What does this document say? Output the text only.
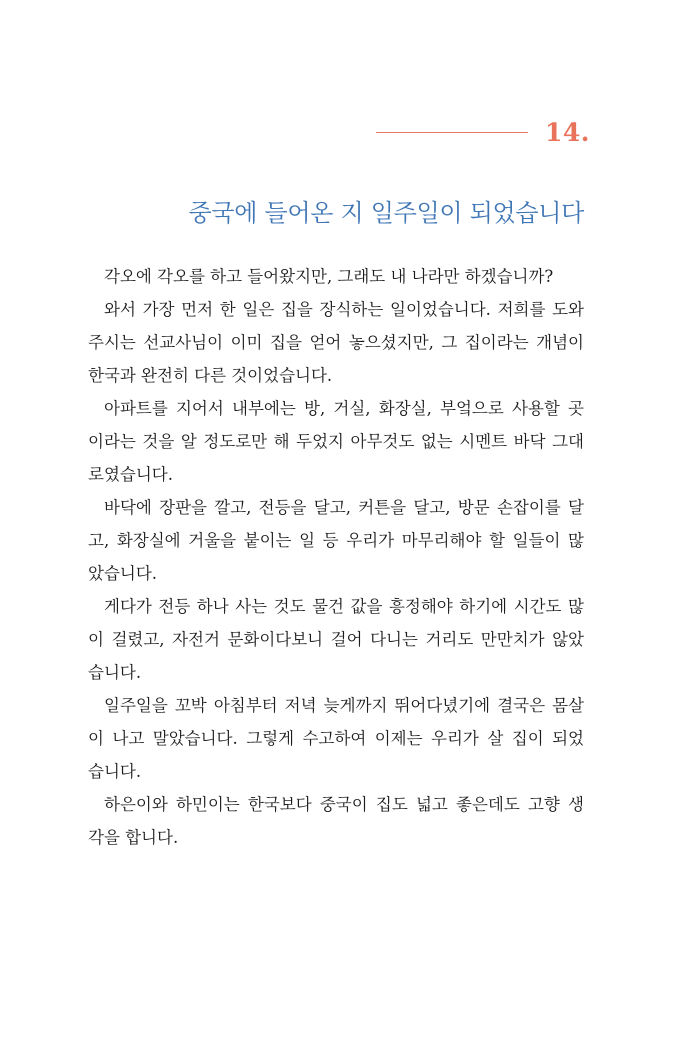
14.
중국에 들어온 지 일주일이 되었습니다
각오에 각오를 하고 들어왔지만, 그래도 내 나라만 하겠습니까?
와서 가장 먼저 한 일은 집을 장식하는 일이었습니다. 저희를 도와
주시는 선교사님이 이미 집을 얻어 놓으셨지만, 그 집이라는 개념이
한국과 완전히 다른 것이었습니다.
아파트를 지어서 내부에는 방, 거실, 화장실, 부엌으로 사용할 곳
이라는 것을 알 정도로만 해 두었지 아무것도 없는 시멘트 바닥 그대
로였습니다.
바닥에 장판을 깔고, 전등을 달고, 커튼을 달고, 방문 손잡이를 달
고, 화장실에 거울을 붙이는 일 등 우리가 마무리해야 할 일들이 많
았습니다.
게다가 전등 하나 사는 것도 물건 값을 흥정해야 하기에 시간도 많
이 걸렸고, 자전거 문화이다보니 걸어 다니는 거리도 만만치가 않았
습니다.
일주일을 꼬박 아침부터 저녁 늦게까지 뛰어다녔기에 결국은 몸살
이 나고 말았습니다. 그렇게 수고하여 이제는 우리가 살 집이 되었
습니다.
하은이와 하민이는 한국보다 중국이 집도 넓고 좋은데도 고향 생
각을 합니다.
